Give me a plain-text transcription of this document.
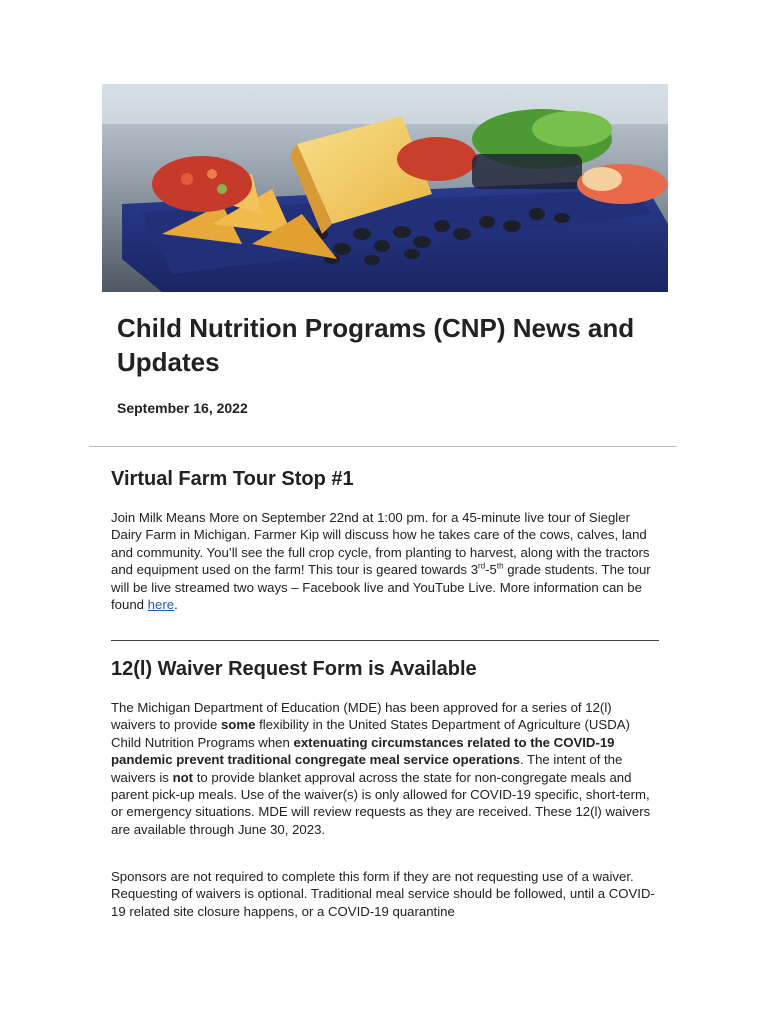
Child Nutrition Programs (CNP) News and Updates
September 16, 2022
Virtual Farm Tour Stop #1
Join Milk Means More on September 22nd at 1:00 pm. for a 45-minute live tour of Siegler Dairy Farm in Michigan. Farmer Kip will discuss how he takes care of the cows, calves, land and community. You’ll see the full crop cycle, from planting to harvest, along with the tractors and equipment used on the farm! This tour is geared towards 3rd-5th grade students. The tour will be live streamed two ways – Facebook live and YouTube Live. More information can be found here.
12(l) Waiver Request Form is Available
The Michigan Department of Education (MDE) has been approved for a series of 12(l) waivers to provide some flexibility in the United States Department of Agriculture (USDA) Child Nutrition Programs when extenuating circumstances related to the COVID-19 pandemic prevent traditional congregate meal service operations. The intent of the waivers is not to provide blanket approval across the state for non-congregate meals and parent pick-up meals. Use of the waiver(s) is only allowed for COVID-19 specific, short-term, or emergency situations. MDE will review requests as they are received. These 12(l) waivers are available through June 30, 2023.
Sponsors are not required to complete this form if they are not requesting use of a waiver. Requesting of waivers is optional. Traditional meal service should be followed, until a COVID-19 related site closure happens, or a COVID-19 quarantine
